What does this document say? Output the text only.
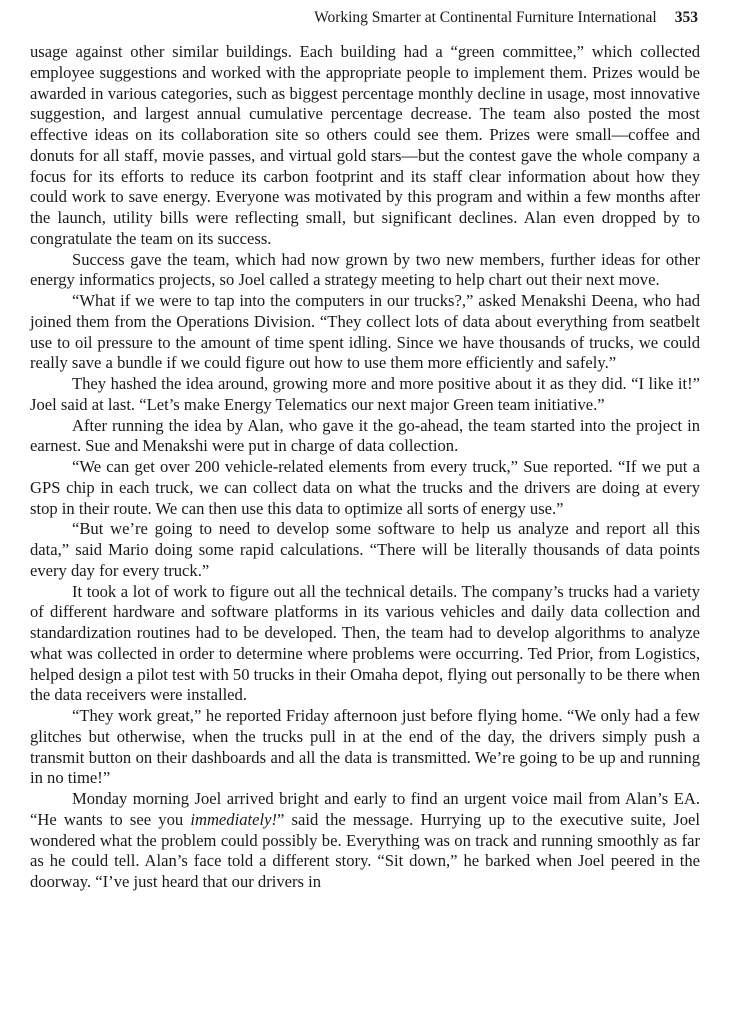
Working Smarter at Continental Furniture International 353

usage against other similar buildings. Each building had a “green committee,” which collected employee suggestions and worked with the appropriate people to implement them. Prizes would be awarded in various categories, such as biggest percentage monthly decline in usage, most innovative suggestion, and largest annual cumulative percentage decrease. The team also posted the most effective ideas on its collaboration site so others could see them. Prizes were small—coffee and donuts for all staff, movie passes, and virtual gold stars—but the contest gave the whole company a focus for its efforts to reduce its carbon footprint and its staff clear information about how they could work to save energy. Everyone was motivated by this program and within a few months after the launch, utility bills were reflecting small, but significant declines. Alan even dropped by to congratulate the team on its success.

Success gave the team, which had now grown by two new members, further ideas for other energy informatics projects, so Joel called a strategy meeting to help chart out their next move.

“What if we were to tap into the computers in our trucks?,” asked Menakshi Deena, who had joined them from the Operations Division. “They collect lots of data about everything from seatbelt use to oil pressure to the amount of time spent idling. Since we have thousands of trucks, we could really save a bundle if we could figure out how to use them more efficiently and safely.”

They hashed the idea around, growing more and more positive about it as they did. “I like it!” Joel said at last. “Let’s make Energy Telematics our next major Green team initiative.”

After running the idea by Alan, who gave it the go-ahead, the team started into the project in earnest. Sue and Menakshi were put in charge of data collection.

“We can get over 200 vehicle-related elements from every truck,” Sue reported. “If we put a GPS chip in each truck, we can collect data on what the trucks and the drivers are doing at every stop in their route. We can then use this data to optimize all sorts of energy use.”

“But we’re going to need to develop some software to help us analyze and report all this data,” said Mario doing some rapid calculations. “There will be literally thousands of data points every day for every truck.”

It took a lot of work to figure out all the technical details. The company’s trucks had a variety of different hardware and software platforms in its various vehicles and daily data collection and standardization routines had to be developed. Then, the team had to develop algorithms to analyze what was collected in order to determine where problems were occurring. Ted Prior, from Logistics, helped design a pilot test with 50 trucks in their Omaha depot, flying out personally to be there when the data receivers were installed.

“They work great,” he reported Friday afternoon just before flying home. “We only had a few glitches but otherwise, when the trucks pull in at the end of the day, the drivers simply push a transmit button on their dashboards and all the data is transmitted. We’re going to be up and running in no time!”

Monday morning Joel arrived bright and early to find an urgent voice mail from Alan’s EA. “He wants to see you immediately!” said the message. Hurrying up to the executive suite, Joel wondered what the problem could possibly be. Everything was on track and running smoothly as far as he could tell. Alan’s face told a different story. “Sit down,” he barked when Joel peered in the doorway. “I’ve just heard that our drivers in
